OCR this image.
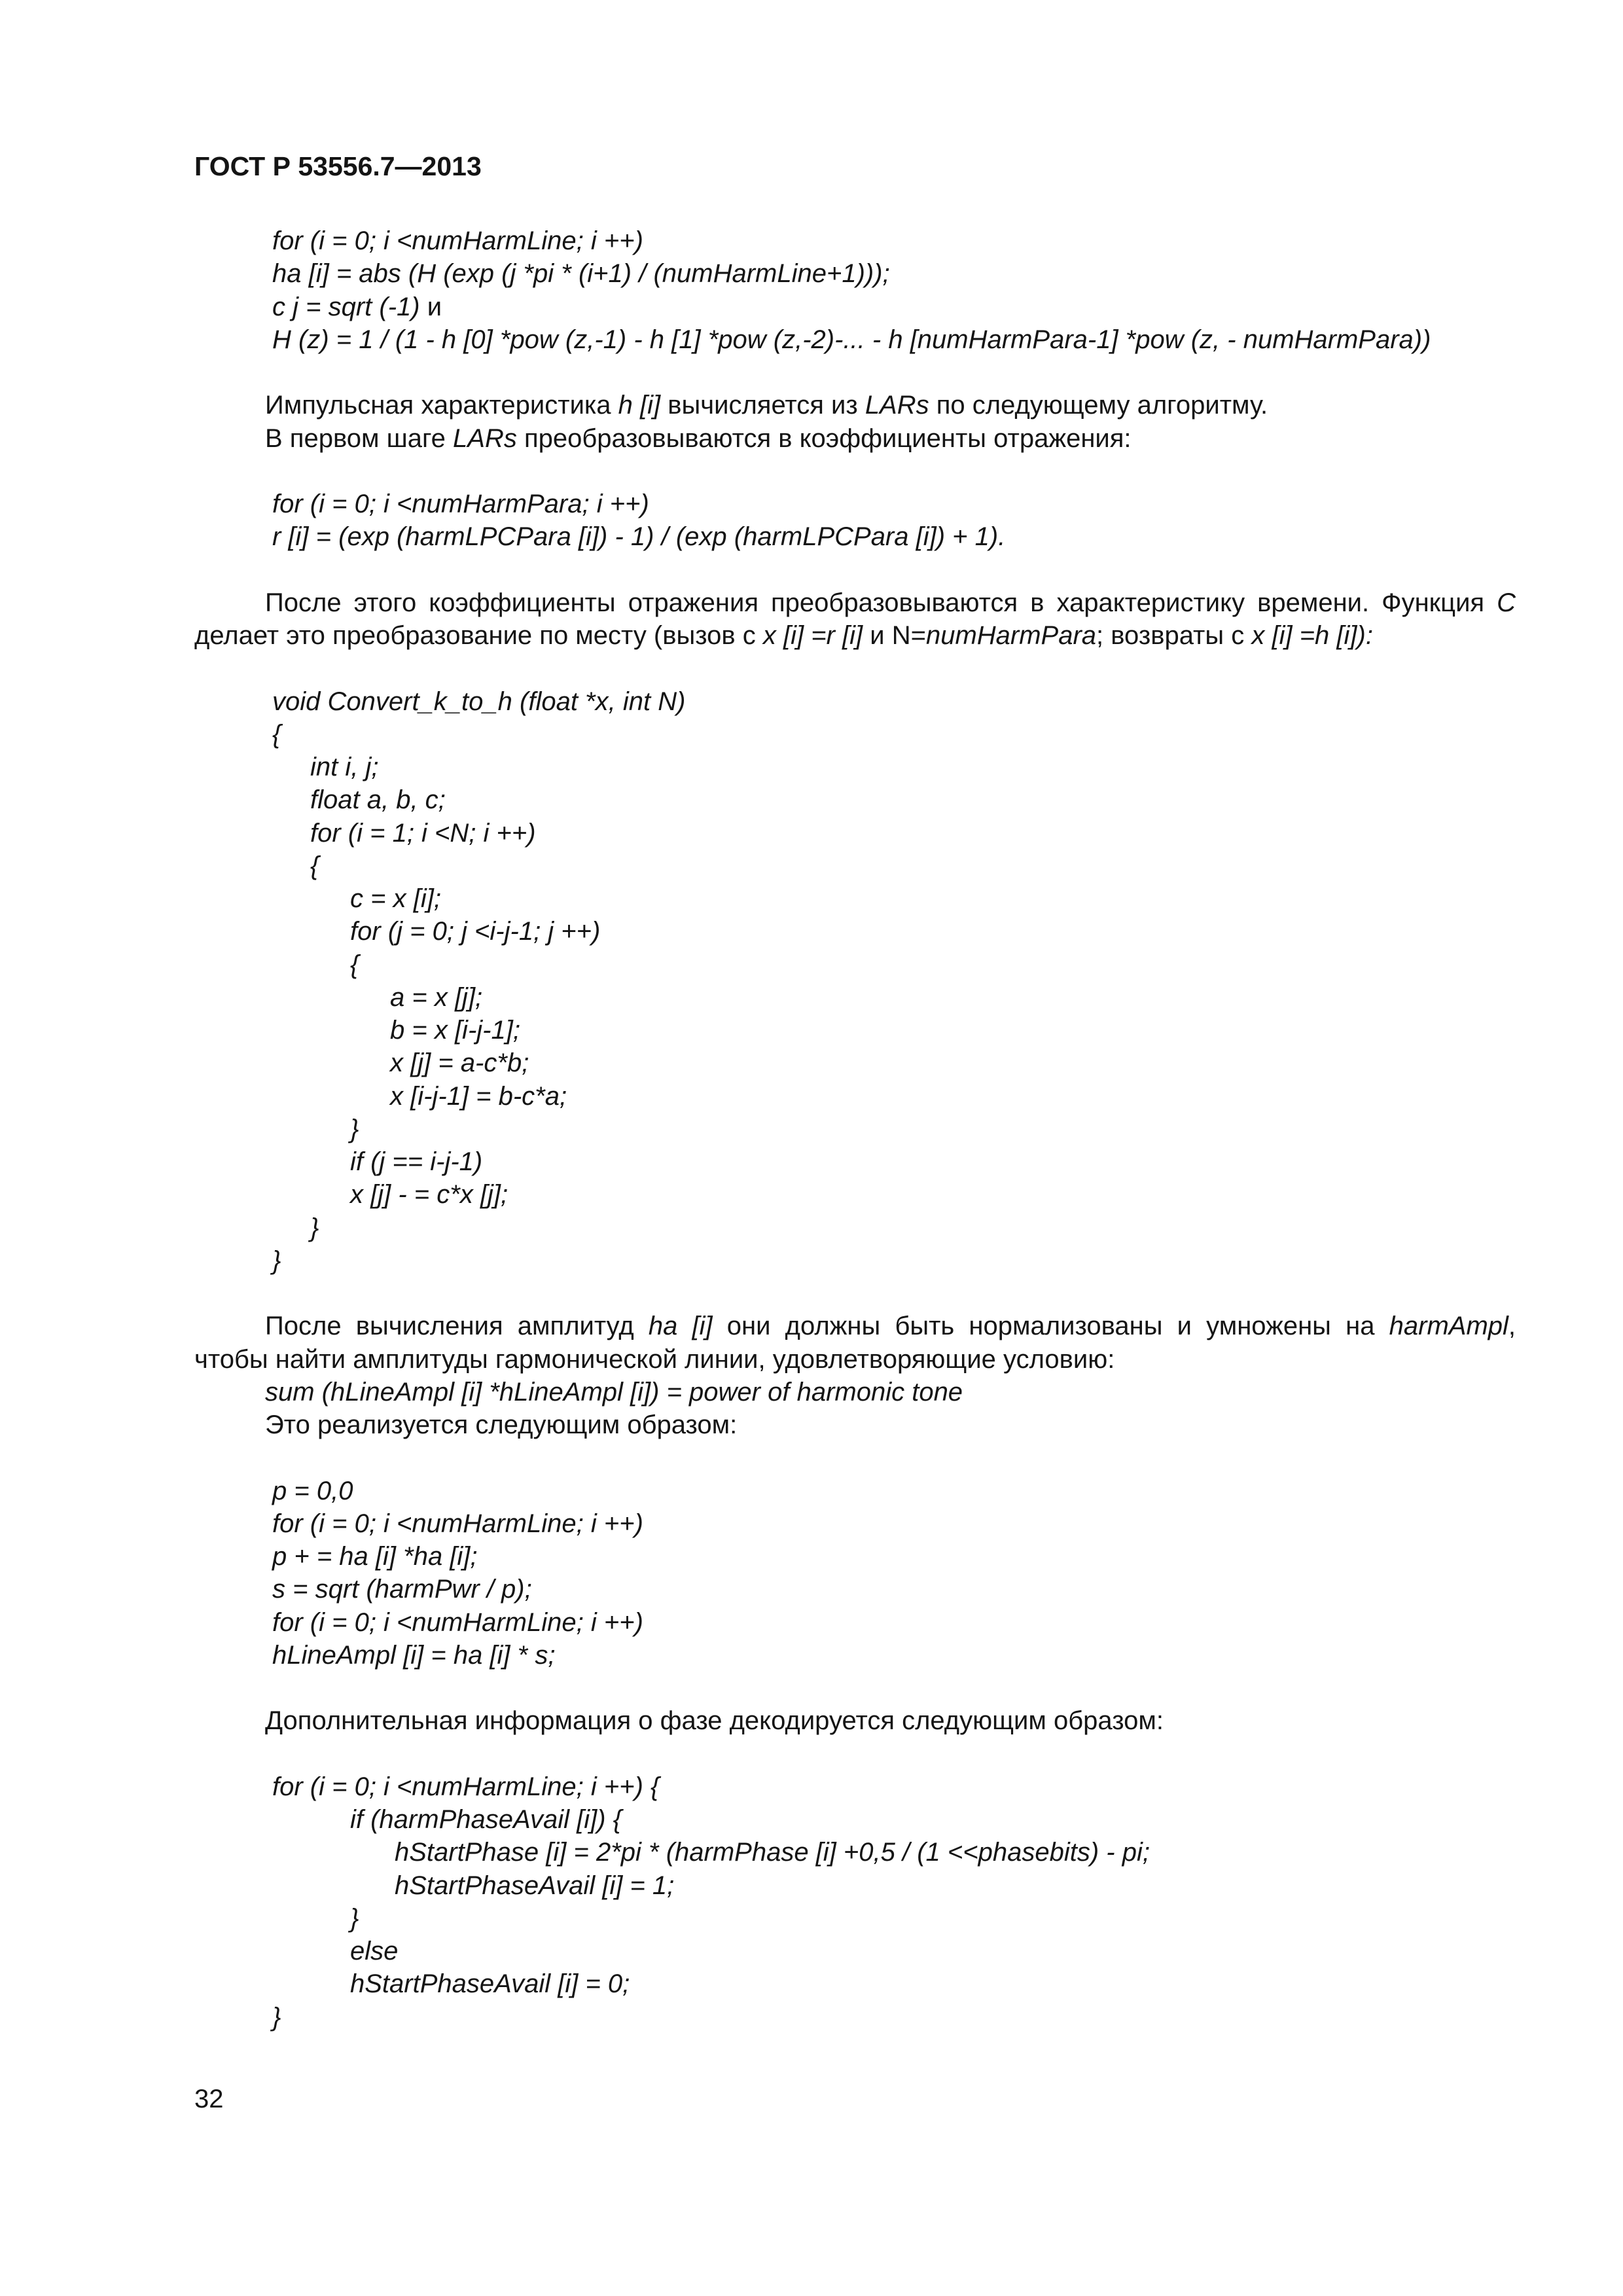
ГОСТ Р 53556.7—2013
for (i = 0; i <numHarmLine; i ++)
ha [i] = abs (H (exp (j *pi * (i+1) / (numHarmLine+1)));
c j = sqrt (-1) и
H (z) = 1 / (1 - h [0] *pow (z,-1) - h [1] *pow (z,-2)-... - h [numHarmPara-1] *pow (z, - numHarmPara))
Импульсная характеристика h [i] вычисляется из LARs по следующему алгоритму.
В первом шаге LARs преобразовываются в коэффициенты отражения:
for (i = 0; i <numHarmPara; i ++)
r [i] = (exp (harmLPCPara [i]) - 1) / (exp (harmLPCPara [i]) + 1).
После этого коэффициенты отражения преобразовываются в характеристику времени. Функция C
делает это преобразование по месту (вызов с x [i] =r [i] и N=numHarmPara; возвраты с x [i] =h [i]):
void Convert_k_to_h (float *x, int N)
{
int i, j;
float a, b, c;
for (i = 1; i <N; i ++)
{
c = x [i];
for (j = 0; j <i-j-1; j ++)
{
a = x [j];
b = x [i-j-1];
x [j] = a-c*b;
x [i-j-1] = b-c*a;
}
if (j == i-j-1)
x [j] - = c*x [j];
}
}
После вычисления амплитуд ha [i] они должны быть нормализованы и умножены на harmAmpl,
чтобы найти амплитуды гармонической линии, удовлетворяющие условию:
sum (hLineAmpl [i] *hLineAmpl [i]) = power of harmonic tone
Это реализуется следующим образом:
p = 0,0
for (i = 0; i <numHarmLine; i ++)
p + = ha [i] *ha [i];
s = sqrt (harmPwr / p);
for (i = 0; i <numHarmLine; i ++)
hLineAmpl [i] = ha [i] * s;
Дополнительная информация о фазе декодируется следующим образом:
for (i = 0; i <numHarmLine; i ++) {
if (harmPhaseAvail [i]) {
hStartPhase [i] = 2*pi * (harmPhase [i] +0,5 / (1 <<phasebits) - pi;
hStartPhaseAvail [i] = 1;
}
else
hStartPhaseAvail [i] = 0;
}
32
